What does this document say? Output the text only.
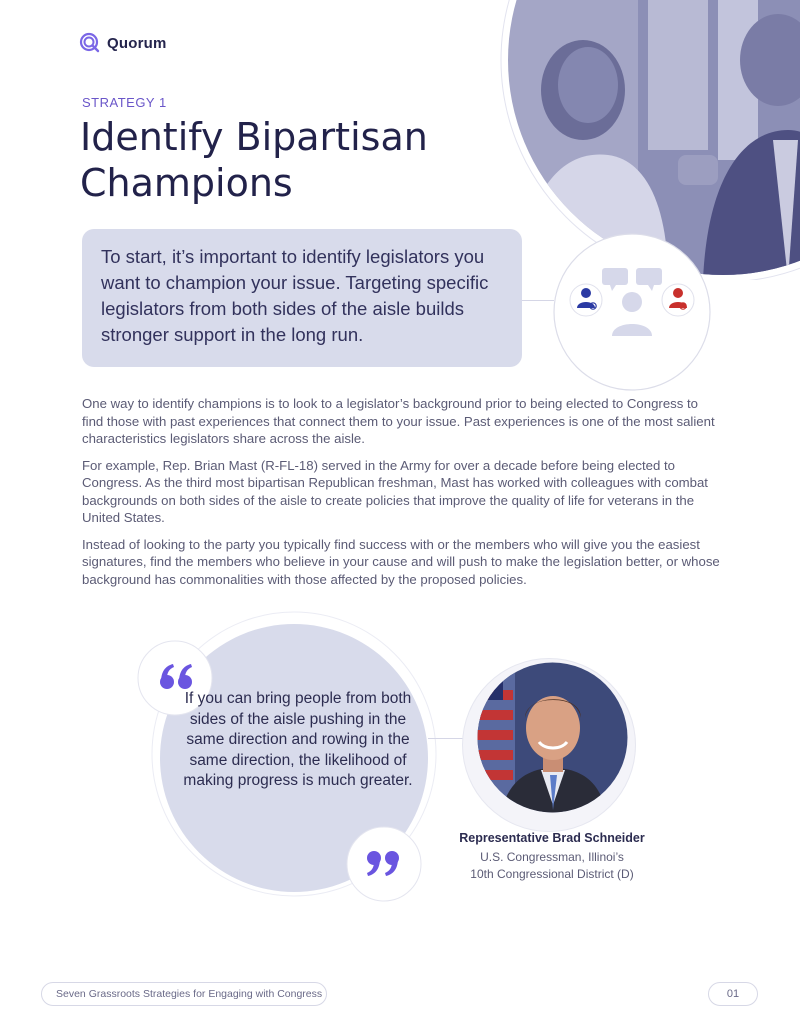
Quorum
STRATEGY 1
Identify Bipartisan Champions
To start, it’s important to identify legislators you want to champion your issue. Targeting specific legislators from both sides of the aisle builds stronger support in the long run.

One way to identify champions is to look to a legislator’s background prior to being elected to Congress to find those with past experiences that connect them to your issue. Past experiences is one of the most salient characteristics legislators share across the aisle.

For example, Rep. Brian Mast (R-FL-18) served in the Army for over a decade before being elected to Congress. As the third most bipartisan Republican freshman, Mast has worked with colleagues with combat backgrounds on both sides of the aisle to create policies that improve the quality of life for veterans in the United States.

Instead of looking to the party you typically find success with or the members who will give you the easiest signatures, find the members who believe in your cause and will push to make the legislation better, or whose background has commonalities with those affected by the proposed policies.

If you can bring people from both sides of the aisle pushing in the same direction and rowing in the same direction, the likelihood of making progress is much greater.
Representative Brad Schneider
U.S. Congressman, Illinoi’s
10th Congressional District (D)
Seven Grassroots Strategies for Engaging with Congress	01
